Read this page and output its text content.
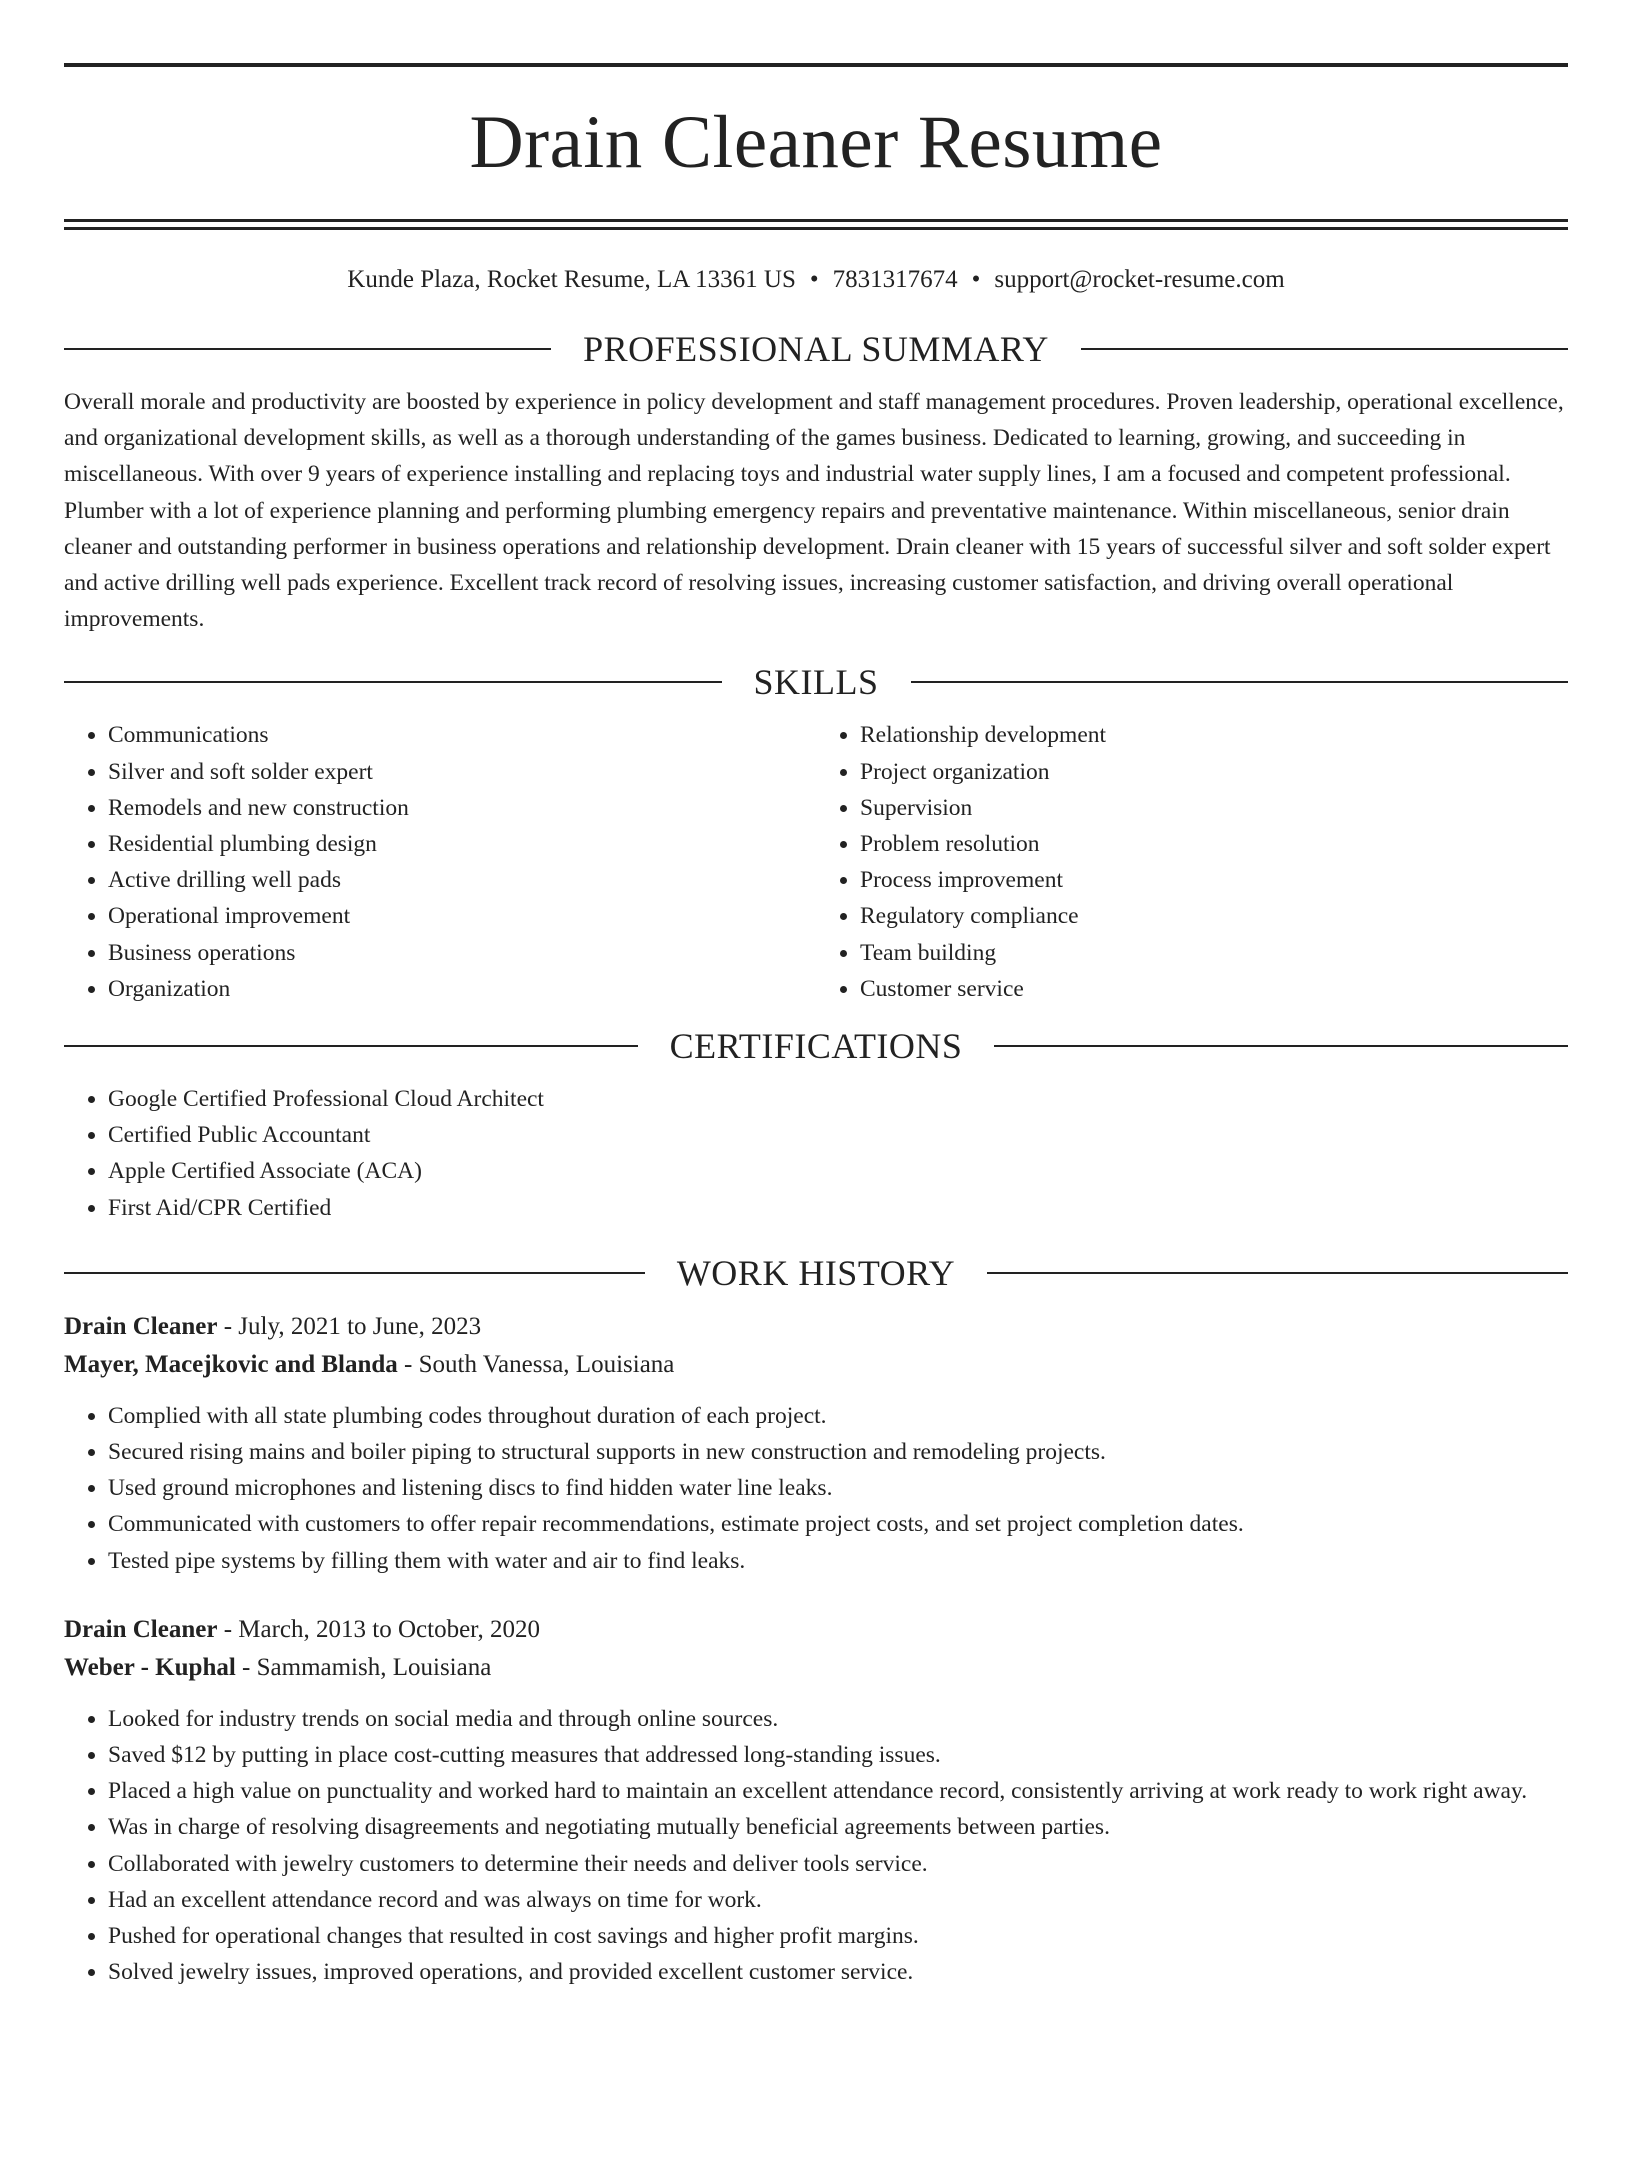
Drain Cleaner Resume
Kunde Plaza, Rocket Resume, LA 13361 US • 7831317674 • support@rocket-resume.com
PROFESSIONAL SUMMARY

Overall morale and productivity are boosted by experience in policy development and staff management procedures. Proven leadership, operational excellence, and organizational development skills, as well as a thorough understanding of the games business. Dedicated to learning, growing, and succeeding in miscellaneous. With over 9 years of experience installing and replacing toys and industrial water supply lines, I am a focused and competent professional. Plumber with a lot of experience planning and performing plumbing emergency repairs and preventative maintenance. Within miscellaneous, senior drain cleaner and outstanding performer in business operations and relationship development. Drain cleaner with 15 years of successful silver and soft solder expert and active drilling well pads experience. Excellent track record of resolving issues, increasing customer satisfaction, and driving overall operational improvements.

SKILLS
• Communications
• Silver and soft solder expert
• Remodels and new construction
• Residential plumbing design
• Active drilling well pads
• Operational improvement
• Business operations
• Organization
• Relationship development
• Project organization
• Supervision
• Problem resolution
• Process improvement
• Regulatory compliance
• Team building
• Customer service
CERTIFICATIONS
• Google Certified Professional Cloud Architect
• Certified Public Accountant
• Apple Certified Associate (ACA)
• First Aid/CPR Certified
WORK HISTORY
Drain Cleaner - July, 2021 to June, 2023
Mayer, Macejkovic and Blanda - South Vanessa, Louisiana
• Complied with all state plumbing codes throughout duration of each project.
• Secured rising mains and boiler piping to structural supports in new construction and remodeling projects.
• Used ground microphones and listening discs to find hidden water line leaks.
• Communicated with customers to offer repair recommendations, estimate project costs, and set project completion dates.
• Tested pipe systems by filling them with water and air to find leaks.
Drain Cleaner - March, 2013 to October, 2020
Weber - Kuphal - Sammamish, Louisiana
• Looked for industry trends on social media and through online sources.
• Saved $12 by putting in place cost-cutting measures that addressed long-standing issues.
• Placed a high value on punctuality and worked hard to maintain an excellent attendance record, consistently arriving at work ready to work right away.
• Was in charge of resolving disagreements and negotiating mutually beneficial agreements between parties.
• Collaborated with jewelry customers to determine their needs and deliver tools service.
• Had an excellent attendance record and was always on time for work.
• Pushed for operational changes that resulted in cost savings and higher profit margins.
• Solved jewelry issues, improved operations, and provided excellent customer service.
